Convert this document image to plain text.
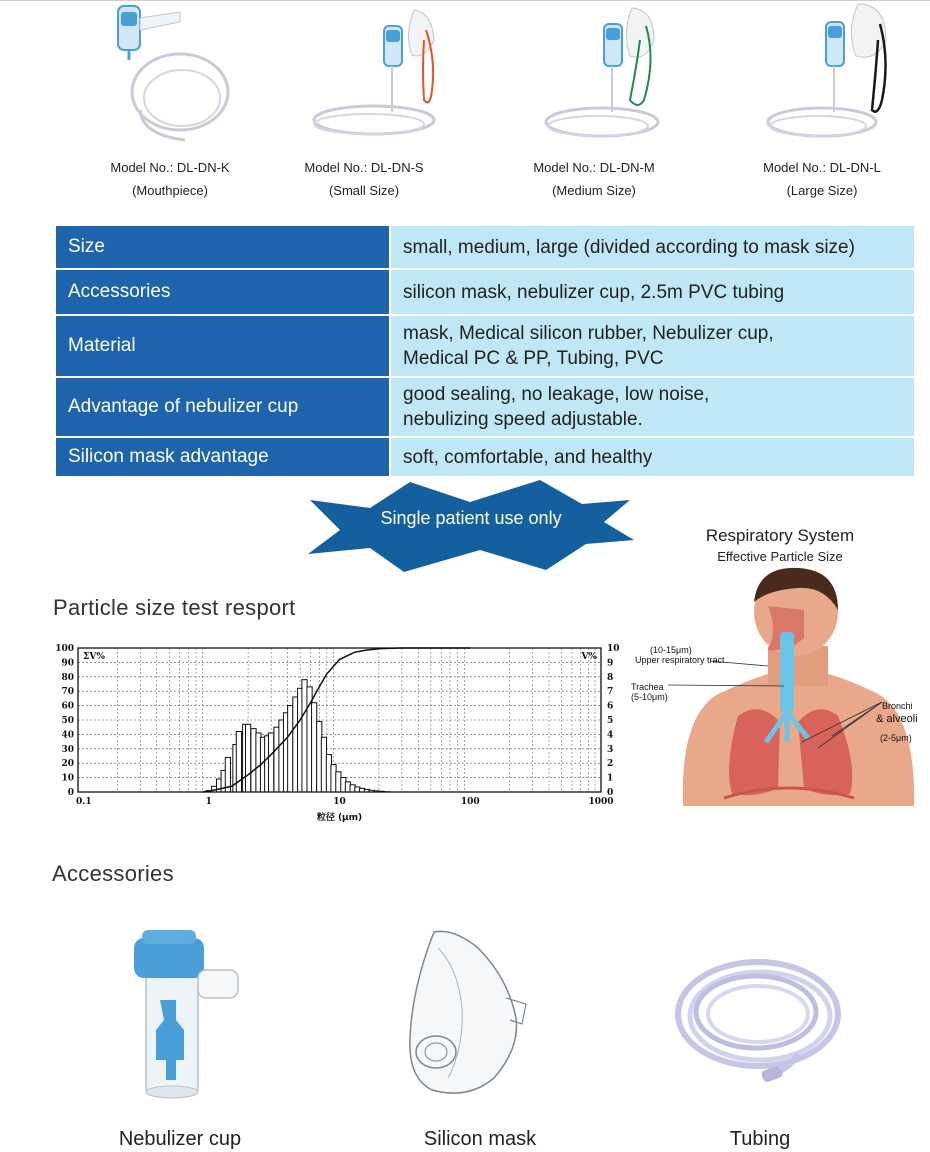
Model No.: DL-DN-K
(Mouthpiece)
Model No.: DL-DN-S
(Small Size)
Model No.: DL-DN-M
(Medium Size)
Model No.: DL-DN-L
(Large Size)
Size	small, medium, large (divided according to mask size)

Accessories	silicon mask, nebulizer cup, 2.5m PVC tubing

Material	mask, Medical silicon rubber, Nebulizer cup,
Medical PC & PP, Tubing, PVC

Advantage of nebulizer cup	good sealing, no leakage, low noise,
nebulizing speed adjustable.

Silicon mask advantage	soft, comfortable, and healthy
Single patient use only
Particle size test resport
0
10
20
30
40
50
60
70
80
90
100
0
1
2
3
4
5
6
7
8
9
10
0.1	1	10	100	1000
ΣV%	V%
粒径 (μm)
Respiratory System
Effective Particle Size
(10-15μm)
Upper respiratory tract
Trachea
(5-10μm)
Bronchi
& alveoli
(2-5μm)
Accessories
Nebulizer cup	Silicon mask	Tubing
